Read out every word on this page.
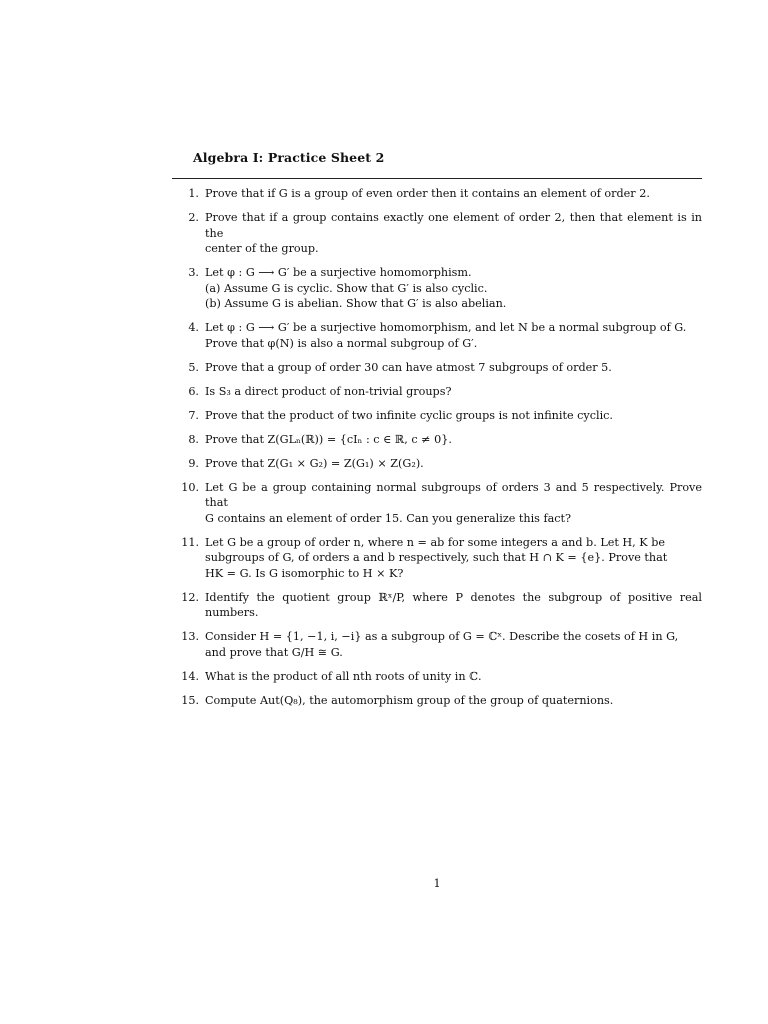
Algebra I: Practice Sheet 2
1. Prove that if G is a group of even order then it contains an element of order 2.
2. Prove that if a group contains exactly one element of order 2, then that element is in the
center of the group.
3. Let φ : G ⟶ G′ be a surjective homomorphism.
(a) Assume G is cyclic. Show that G′ is also cyclic.
(b) Assume G is abelian. Show that G′ is also abelian.
4. Let φ : G ⟶ G′ be a surjective homomorphism, and let N be a normal subgroup of G.
Prove that φ(N) is also a normal subgroup of G′.
5. Prove that a group of order 30 can have atmost 7 subgroups of order 5.
6. Is S₃ a direct product of non-trivial groups?
7. Prove that the product of two infinite cyclic groups is not infinite cyclic.
8. Prove that Z(GLₙ(ℝ)) = {cIₙ : c ∈ ℝ, c ≠ 0}.
9. Prove that Z(G₁ × G₂) = Z(G₁) × Z(G₂).
10. Let G be a group containing normal subgroups of orders 3 and 5 respectively. Prove that
G contains an element of order 15. Can you generalize this fact?
11. Let G be a group of order n, where n = ab for some integers a and b. Let H, K be
subgroups of G, of orders a and b respectively, such that H ∩ K = {e}. Prove that
HK = G. Is G isomorphic to H × K?
12. Identify the quotient group ℝˣ/P, where P denotes the subgroup of positive real numbers.
13. Consider H = {1, −1, i, −i} as a subgroup of G = ℂˣ. Describe the cosets of H in G,
and prove that G/H ≅ G.
14. What is the product of all nth roots of unity in ℂ.
15. Compute Aut(Q₈), the automorphism group of the group of quaternions.
1
